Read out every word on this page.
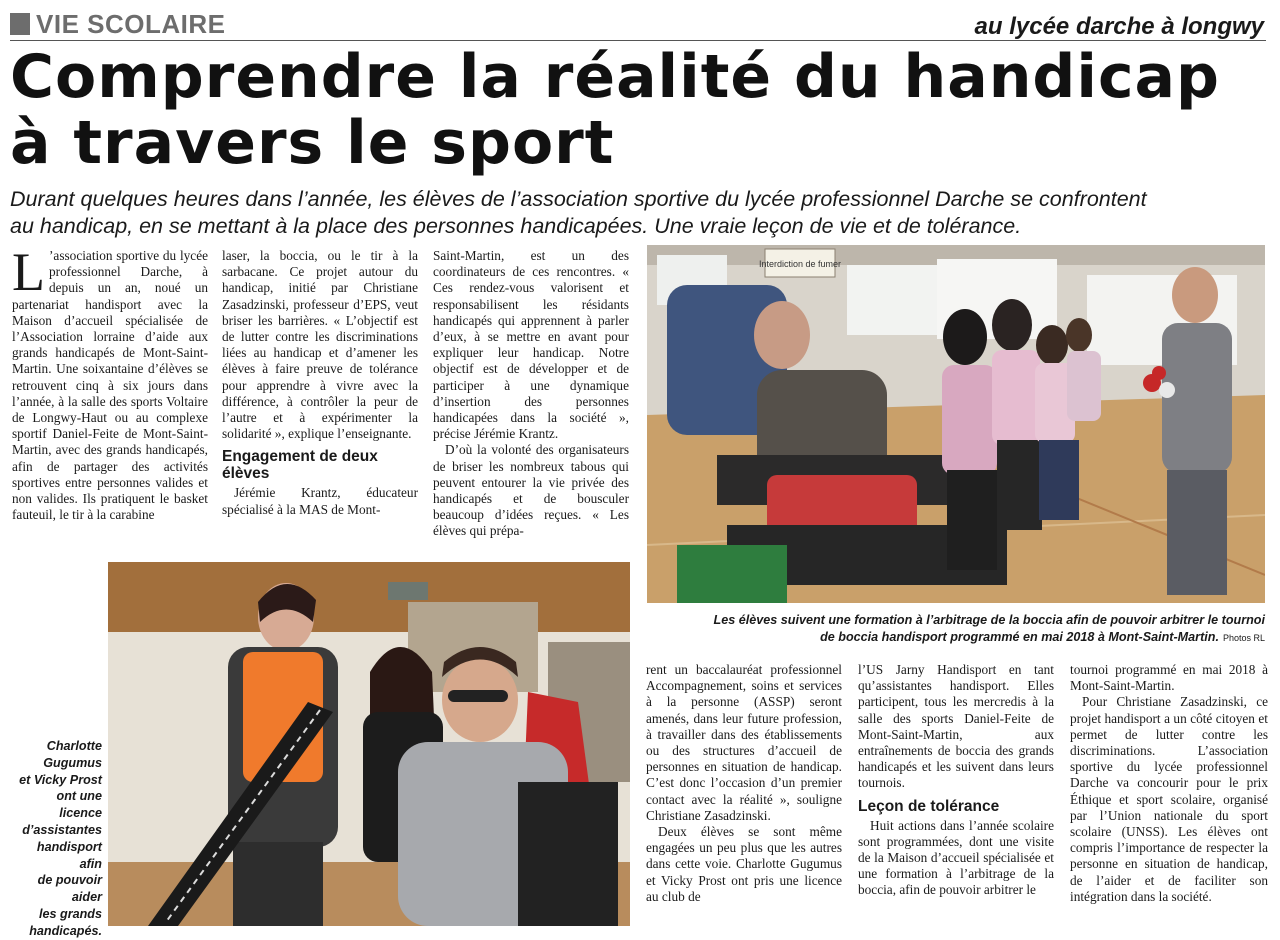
VIE SCOLAIRE	au lycée darche à longwy
Comprendre la réalité du handicap
à travers le sport

Durant quelques heures dans l’année, les élèves de l’association sportive du lycée professionnel Darche se confrontent
au handicap, en se mettant à la place des personnes handicapées. Une vraie leçon de vie et de tolérance.

L ’association sportive du lycée professionnel Darche, à depuis un an, noué un partenariat handisport avec la Maison d’accueil spécialisée de l’Association lorraine d’aide aux grands handicapés de Mont-Saint-Martin. Une soixantaine d’élèves se retrouvent cinq à six jours dans l’année, à la salle des sports Voltaire de Longwy-Haut ou au complexe sportif Daniel-Feite de Mont-Saint-Martin, avec des grands handicapés, afin de partager des activités sportives entre personnes valides et non valides. Ils pratiquent le basket fauteuil, le tir à la carabine

laser, la boccia, ou le tir à la sarbacane. Ce projet autour du handicap, initié par Christiane Zasadzinski, professeur d’EPS, veut briser les barrières. « L’objectif est de lutter contre les discriminations liées au handicap et d’amener les élèves à faire preuve de tolérance pour apprendre à vivre avec la différence, à contrôler la peur de l’autre et à expérimenter la solidarité », explique l’enseignante.

Engagement de deux élèves

Jérémie Krantz, éducateur spécialisé à la MAS de Mont-

Saint-Martin, est un des coordinateurs de ces rencontres. « Ces rendez-vous valorisent et responsabilisent les résidants handicapés qui apprennent à parler d’eux, à se mettre en avant pour expliquer leur handicap. Notre objectif est de développer et de participer à une dynamique d’insertion des personnes handicapées dans la société », précise Jérémie Krantz.

D’où la volonté des organisateurs de briser les nombreux tabous qui peuvent entourer la vie privée des handicapés et de bousculer beaucoup d’idées reçues. « Les élèves qui prépa-

Interdiction de fumer

Les élèves suivent une formation à l’arbitrage de la boccia afin de pouvoir arbitrer le tournoi
de boccia handisport programmé en mai 2018 à Mont-Saint-Martin. Photos RL

Charlotte
Gugumus
et Vicky Prost
ont une
licence
d’assistantes
handisport
afin
de pouvoir
aider
les grands
handicapés.

rent un baccalauréat professionnel Accompagnement, soins et services à la personne (ASSP) seront amenés, dans leur future profession, à travailler dans des établissements ou des structures d’accueil de personnes en situation de handicap. C’est donc l’occasion d’un premier contact avec la réalité », souligne Christiane Zasadzinski.

Deux élèves se sont même engagées un peu plus que les autres dans cette voie. Charlotte Gugumus et Vicky Prost ont pris une licence au club de

l’US Jarny Handisport en tant qu’assistantes handisport. Elles participent, tous les mercredis à la salle des sports Daniel-Feite de Mont-Saint-Martin, aux entraînements de boccia des grands handicapés et les suivent dans leurs tournois.

Leçon de tolérance

Huit actions dans l’année scolaire sont programmées, dont une visite de la Maison d’accueil spécialisée et une formation à l’arbitrage de la boccia, afin de pouvoir arbitrer le

tournoi programmé en mai 2018 à Mont-Saint-Martin.

Pour Christiane Zasadzinski, ce projet handisport a un côté citoyen et permet de lutter contre les discriminations. L’association sportive du lycée professionnel Darche va concourir pour le prix Éthique et sport scolaire, organisé par l’Union nationale du sport scolaire (UNSS). Les élèves ont compris l’importance de respecter la personne en situation de handicap, de l’aider et de faciliter son intégration dans la société.
